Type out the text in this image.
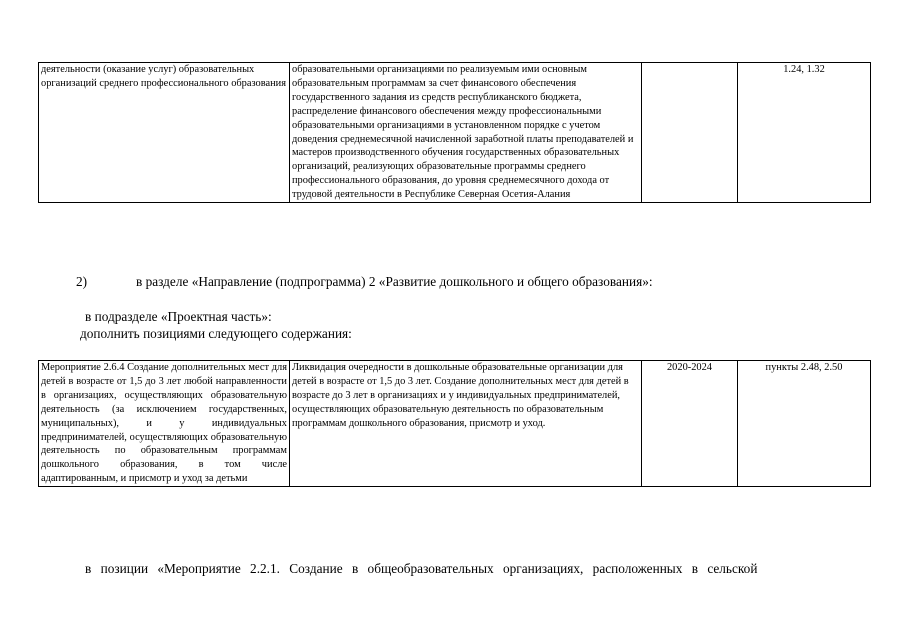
деятельности (оказание услуг) образовательных организаций среднего профессионального образования	образовательными организациями по реализуемым ими основным образовательным программам за счет финансового обеспечения государственного задания из средств республиканского бюджета, распределение финансового обеспечения между профессиональными образовательными организациями в установленном порядке с учетом доведения среднемесячной начисленной заработной платы преподавателей и мастеров производственного обучения государственных образовательных организаций, реализующих образовательные программы среднего профессионального образования, до уровня среднемесячного дохода от трудовой деятельности в Республике Северная Осетия-Алания		1.24, 1.32
2)	в разделе «Направление (подпрограмма) 2 «Развитие дошкольного и общего образования»:
в подразделе «Проектная часть»:
дополнить позициями следующего содержания:
Мероприятие 2.6.4 Создание дополнительных мест для детей в возрасте от 1,5 до 3 лет любой направленности в организациях, осуществляющих образовательную деятельность (за исключением государственных, муниципальных), и у индивидуальных предпринимателей, осуществляющих образовательную деятельность по образовательным программам дошкольного образования, в том числе адаптированным, и присмотр и уход за детьми	Ликвидация очередности в дошкольные образовательные организации для детей в возрасте от 1,5 до 3 лет. Создание дополнительных мест для детей в возрасте до 3 лет в организациях и у индивидуальных предпринимателей, осуществляющих образовательную деятельность по образовательным программам дошкольного образования, присмотр и уход.	2020-2024	пункты 2.48, 2.50
в позиции «Мероприятие 2.2.1. Создание в общеобразовательных организациях, расположенных в сельской
